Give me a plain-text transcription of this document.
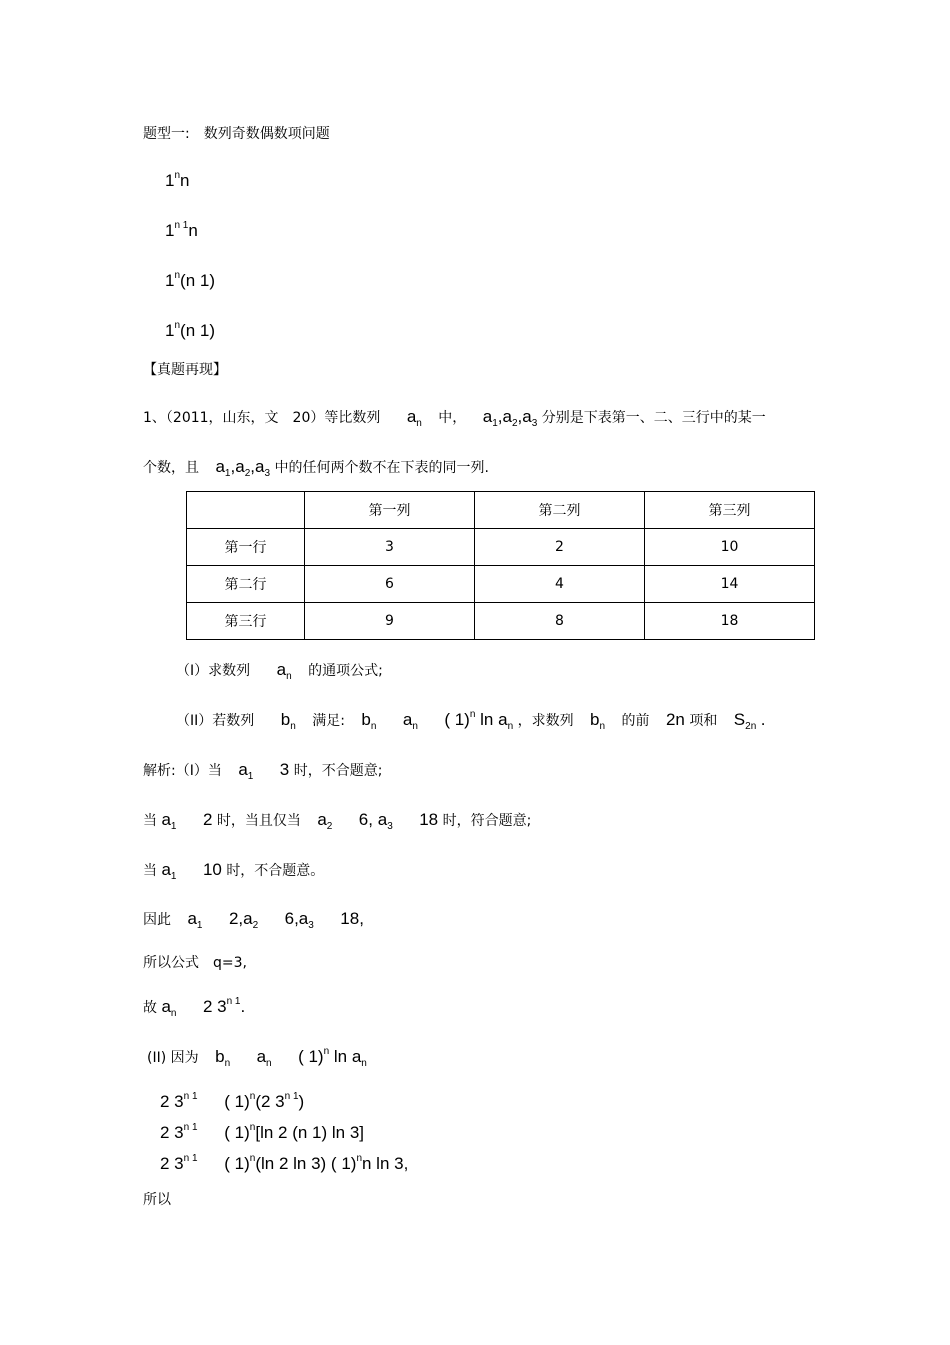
题型一:　数列奇数偶数项问题
1$^n$n
$1^{n 1}n$
1$^n$(n 1)
1$^n$(n 1)
【真题再现】
1、（2011，山东，文　20）等比数列 $a_n$ 中， $a_1,a_2,a_3$ 分别是下表第一、二、三行中的某一
个数，且 $a_1,a_2,a_3$ 中的任何两个数不在下表的同一列.
	第一列	第二列	第三列
第一行	3	2	10
第二行	6	4	14
第三行	9	8	18
（I）求数列 $a_n$ 的通项公式;
（II）若数列 $b_n$ 满足: $b_n$ $a_n$ ( 1)$^n$ $\ln a_n$ ，求数列 $b_n$ 的前 2n 项和 $S_{2n}$ .
解析:（I）当 $a_1$ 3 时，不合题意;
当 $a_1$ 2 时，当且仅当 $a_2$ 6, $a_3$ 18 时，符合题意;
当 $a_1$ 10 时，不合题意。
因此 $a_1$ $2,a_2$ $6,a_3$ 18,
所以公式　q=3,
故 $a_n$ 2 $3^{n 1}$.
(II) 因为 $b_n$ $a_n$ ( 1)$^n$ $\ln a_n$
2 $3^{n 1}$ ( 1)$^n$(2 $3^{n 1}$)
2 $3^{n 1}$ ( 1)$^n$[ln 2 (n 1) ln 3]
2 $3^{n 1}$ ( 1)$^n$(ln 2 ln 3) ( 1)$^n$n ln 3,
所以
